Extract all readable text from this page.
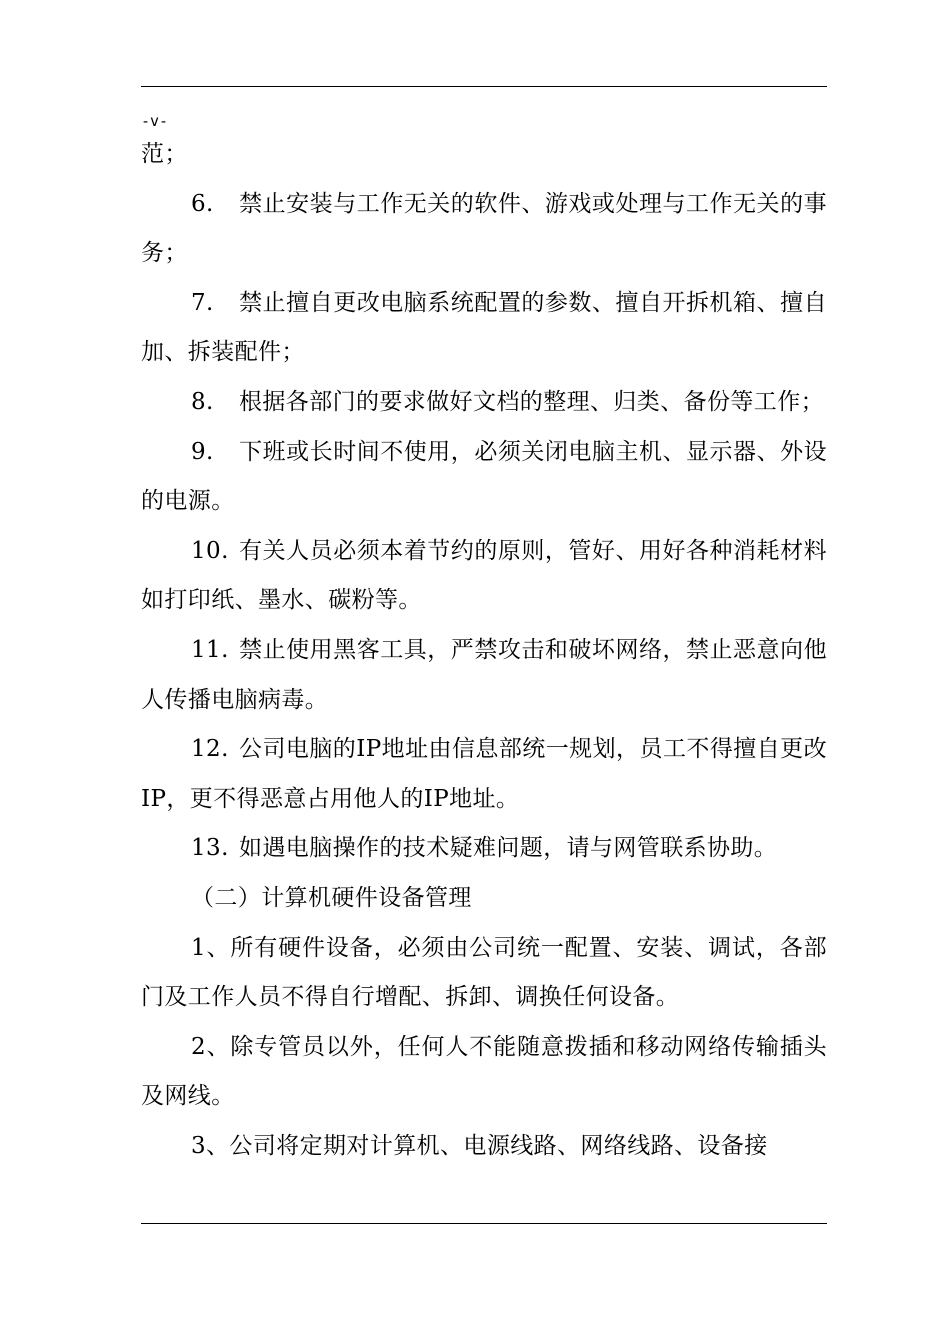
-v-

范；

6. 禁止安装与工作无关的软件、游戏或处理与工作无关的事务；

7. 禁止擅自更改电脑系统配置的参数、擅自开拆机箱、擅自加、拆装配件；

8. 根据各部门的要求做好文档的整理、归类、备份等工作；

9. 下班或长时间不使用，必须关闭电脑主机、显示器、外设的电源。

10. 有关人员必须本着节约的原则，管好、用好各种消耗材料如打印纸、墨水、碳粉等。

11. 禁止使用黑客工具，严禁攻击和破坏网络，禁止恶意向他人传播电脑病毒。

12. 公司电脑的IP地址由信息部统一规划，员工不得擅自更改IP，更不得恶意占用他人的IP地址。

13. 如遇电脑操作的技术疑难问题，请与网管联系协助。

（二）计算机硬件设备管理

1、所有硬件设备，必须由公司统一配置、安装、调试，各部门及工作人员不得自行增配、拆卸、调换任何设备。

2、除专管员以外，任何人不能随意拨插和移动网络传输插头及网线。

3、公司将定期对计算机、电源线路、网络线路、设备接
